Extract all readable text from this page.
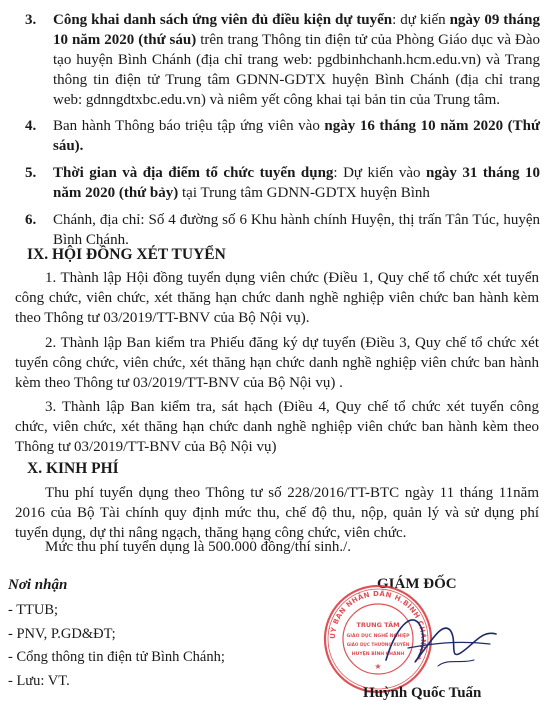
3. Công khai danh sách ứng viên đủ điều kiện dự tuyển: dự kiến ngày 09 tháng 10 năm 2020 (thứ sáu) trên trang Thông tin điện tử của Phòng Giáo dục và Đào tạo huyện Bình Chánh (địa chỉ trang web: pgdbinhchanh.hcm.edu.vn) và Trang thông tin điện tử Trung tâm GDNN-GDTX huyện Bình Chánh (địa chỉ trang web: gdnngdtxbc.edu.vn) và niêm yết công khai tại bản tin của Trung tâm.
4. Ban hành Thông báo triệu tập ứng viên vào ngày 16 tháng 10 năm 2020 (Thứ sáu).
5. Thời gian và địa điểm tổ chức tuyển dụng: Dự kiến vào ngày 31 tháng 10 năm 2020 (thứ bảy) tại Trung tâm GDNN-GDTX huyện Bình
6. Chánh, địa chỉ: Số 4 đường số 6 Khu hành chính Huyện, thị trấn Tân Túc, huyện Bình Chánh.
IX. HỘI ĐỒNG XÉT TUYỂN
1. Thành lập Hội đồng tuyển dụng viên chức (Điều 1, Quy chế tổ chức xét tuyển công chức, viên chức, xét thăng hạn chức danh nghề nghiệp viên chức ban hành kèm theo Thông tư 03/2019/TT-BNV của Bộ Nội vụ).
2. Thành lập Ban kiểm tra Phiếu đăng ký dự tuyển (Điều 3, Quy chế tổ chức xét tuyển công chức, viên chức, xét thăng hạn chức danh nghề nghiệp viên chức ban hành kèm theo Thông tư 03/2019/TT-BNV của Bộ Nội vụ) .
3. Thành lập Ban kiểm tra, sát hạch (Điều 4, Quy chế tổ chức xét tuyển công chức, viên chức, xét thăng hạn chức danh nghề nghiệp viên chức ban hành kèm theo Thông tư 03/2019/TT-BNV của Bộ Nội vụ)
X. KINH PHÍ
Thu phí tuyển dụng theo Thông tư số 228/2016/TT-BTC ngày 11 tháng 11năm 2016 của Bộ Tài chính quy định mức thu, chế độ thu, nộp, quản lý và sử dụng phí tuyển dụng, dự thi nâng ngạch, thăng hạng công chức, viên chức.
Mức thu phí tuyển dụng là 500.000 đồng/thí sinh./.
Nơi nhận
- TTUB;
- PNV, P.GD&ĐT;
- Cổng thông tin điện tử Bình Chánh;
- Lưu: VT.
GIÁM ĐỐC
UỶ BAN NHÂN DÂN H.BÌNH CHÁNH ★
TRUNG TÂM
GIÁO DỤC NGHỀ NGHIỆP
GIÁO DỤC THƯỜNG XUYÊN
HUYỆN BÌNH CHÁNH
★
Huỳnh Quốc Tuấn
